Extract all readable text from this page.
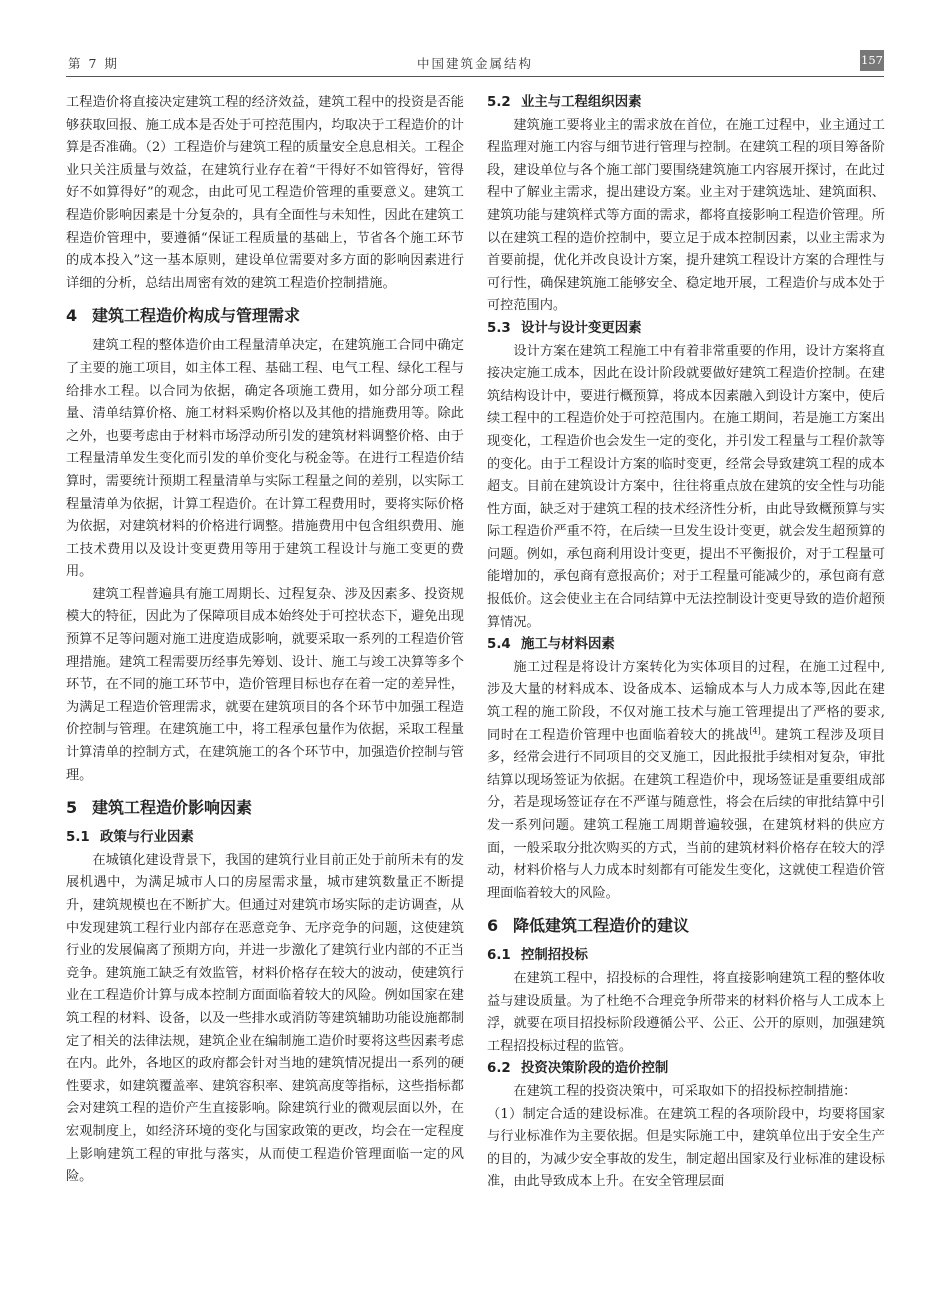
第 7 期	中国建筑金属结构	157

工程造价将直接决定建筑工程的经济效益，建筑工程中的投资是否能够获取回报、施工成本是否处于可控范围内，均取决于工程造价的计算是否准确。（2）工程造价与建筑工程的质量安全息息相关。工程企业只关注质量与效益，在建筑行业存在着“干得好不如管得好，管得好不如算得好”的观念，由此可见工程造价管理的重要意义。建筑工程造价影响因素是十分复杂的，具有全面性与未知性，因此在建筑工程造价管理中，要遵循“保证工程质量的基础上，节省各个施工环节的成本投入”这一基本原则，建设单位需要对多方面的影响因素进行详细的分析，总结出周密有效的建筑工程造价控制措施。

4 建筑工程造价构成与管理需求

建筑工程的整体造价由工程量清单决定，在建筑施工合同中确定了主要的施工项目，如主体工程、基础工程、电气工程、绿化工程与给排水工程。以合同为依据，确定各项施工费用，如分部分项工程量、清单结算价格、施工材料采购价格以及其他的措施费用等。除此之外，也要考虑由于材料市场浮动所引发的建筑材料调整价格、由于工程量清单发生变化而引发的单价变化与税金等。在进行工程造价结算时，需要统计预期工程量清单与实际工程量之间的差别，以实际工程量清单为依据，计算工程造价。在计算工程费用时，要将实际价格为依据，对建筑材料的价格进行调整。措施费用中包含组织费用、施工技术费用以及设计变更费用等用于建筑工程设计与施工变更的费用。

建筑工程普遍具有施工周期长、过程复杂、涉及因素多、投资规模大的特征，因此为了保障项目成本始终处于可控状态下，避免出现预算不足等问题对施工进度造成影响，就要采取一系列的工程造价管理措施。建筑工程需要历经事先筹划、设计、施工与竣工决算等多个环节，在不同的施工环节中，造价管理目标也存在着一定的差异性，为满足工程造价管理需求，就要在建筑项目的各个环节中加强工程造价控制与管理。在建筑施工中，将工程承包量作为依据，采取工程量计算清单的控制方式，在建筑施工的各个环节中，加强造价控制与管理。

5 建筑工程造价影响因素
5.1 政策与行业因素

在城镇化建设背景下，我国的建筑行业目前正处于前所未有的发展机遇中，为满足城市人口的房屋需求量，城市建筑数量正不断提升，建筑规模也在不断扩大。但通过对建筑市场实际的走访调查，从中发现建筑工程行业内部存在恶意竞争、无序竞争的问题，这使建筑行业的发展偏离了预期方向，并进一步激化了建筑行业内部的不正当竞争。建筑施工缺乏有效监管，材料价格存在较大的波动，使建筑行业在工程造价计算与成本控制方面面临着较大的风险。例如国家在建筑工程的材料、设备，以及一些排水或消防等建筑辅助功能设施都制定了相关的法律法规，建筑企业在编制施工造价时要将这些因素考虑在内。此外，各地区的政府都会针对当地的建筑情况提出一系列的硬性要求，如建筑覆盖率、建筑容积率、建筑高度等指标，这些指标都会对建筑工程的造价产生直接影响。除建筑行业的微观层面以外，在宏观制度上，如经济环境的变化与国家政策的更改，均会在一定程度上影响建筑工程的审批与落实，从而使工程造价管理面临一定的风险。

5.2 业主与工程组织因素

建筑施工要将业主的需求放在首位，在施工过程中，业主通过工程监理对施工内容与细节进行管理与控制。在建筑工程的项目筹备阶段，建设单位与各个施工部门要围绕建筑施工内容展开探讨，在此过程中了解业主需求，提出建设方案。业主对于建筑选址、建筑面积、建筑功能与建筑样式等方面的需求，都将直接影响工程造价管理。所以在建筑工程的造价控制中，要立足于成本控制因素，以业主需求为首要前提，优化并改良设计方案，提升建筑工程设计方案的合理性与可行性，确保建筑施工能够安全、稳定地开展，工程造价与成本处于可控范围内。

5.3 设计与设计变更因素

设计方案在建筑工程施工中有着非常重要的作用，设计方案将直接决定施工成本，因此在设计阶段就要做好建筑工程造价控制。在建筑结构设计中，要进行概预算，将成本因素融入到设计方案中，使后续工程中的工程造价处于可控范围内。在施工期间，若是施工方案出现变化，工程造价也会发生一定的变化，并引发工程量与工程价款等的变化。由于工程设计方案的临时变更，经常会导致建筑工程的成本超支。目前在建筑设计方案中，往往将重点放在建筑的安全性与功能性方面，缺乏对于建筑工程的技术经济性分析，由此导致概预算与实际工程造价严重不符，在后续一旦发生设计变更，就会发生超预算的问题。例如，承包商利用设计变更，提出不平衡报价，对于工程量可能增加的，承包商有意报高价；对于工程量可能减少的，承包商有意报低价。这会使业主在合同结算中无法控制设计变更导致的造价超预算情况。

5.4 施工与材料因素

施工过程是将设计方案转化为实体项目的过程，在施工过程中,涉及大量的材料成本、设备成本、运输成本与人力成本等,因此在建筑工程的施工阶段，不仅对施工技术与施工管理提出了严格的要求,同时在工程造价管理中也面临着较大的挑战[4]。建筑工程涉及项目多，经常会进行不同项目的交叉施工，因此报批手续相对复杂，审批结算以现场签证为依据。在建筑工程造价中，现场签证是重要组成部分，若是现场签证存在不严谨与随意性，将会在后续的审批结算中引发一系列问题。建筑工程施工周期普遍较强，在建筑材料的供应方面，一般采取分批次购买的方式，当前的建筑材料价格存在较大的浮动，材料价格与人力成本时刻都有可能发生变化，这就使工程造价管理面临着较大的风险。

6 降低建筑工程造价的建议
6.1 控制招投标

在建筑工程中，招投标的合理性，将直接影响建筑工程的整体收益与建设质量。为了杜绝不合理竞争所带来的材料价格与人工成本上浮，就要在项目招投标阶段遵循公平、公正、公开的原则，加强建筑工程招投标过程的监管。

6.2 投资决策阶段的造价控制

在建筑工程的投资决策中，可采取如下的招投标控制措施：

（1）制定合适的建设标准。在建筑工程的各项阶段中，均要将国家与行业标准作为主要依据。但是实际施工中，建筑单位出于安全生产的目的，为减少安全事故的发生，制定超出国家及行业标准的建设标准，由此导致成本上升。在安全管理层面
